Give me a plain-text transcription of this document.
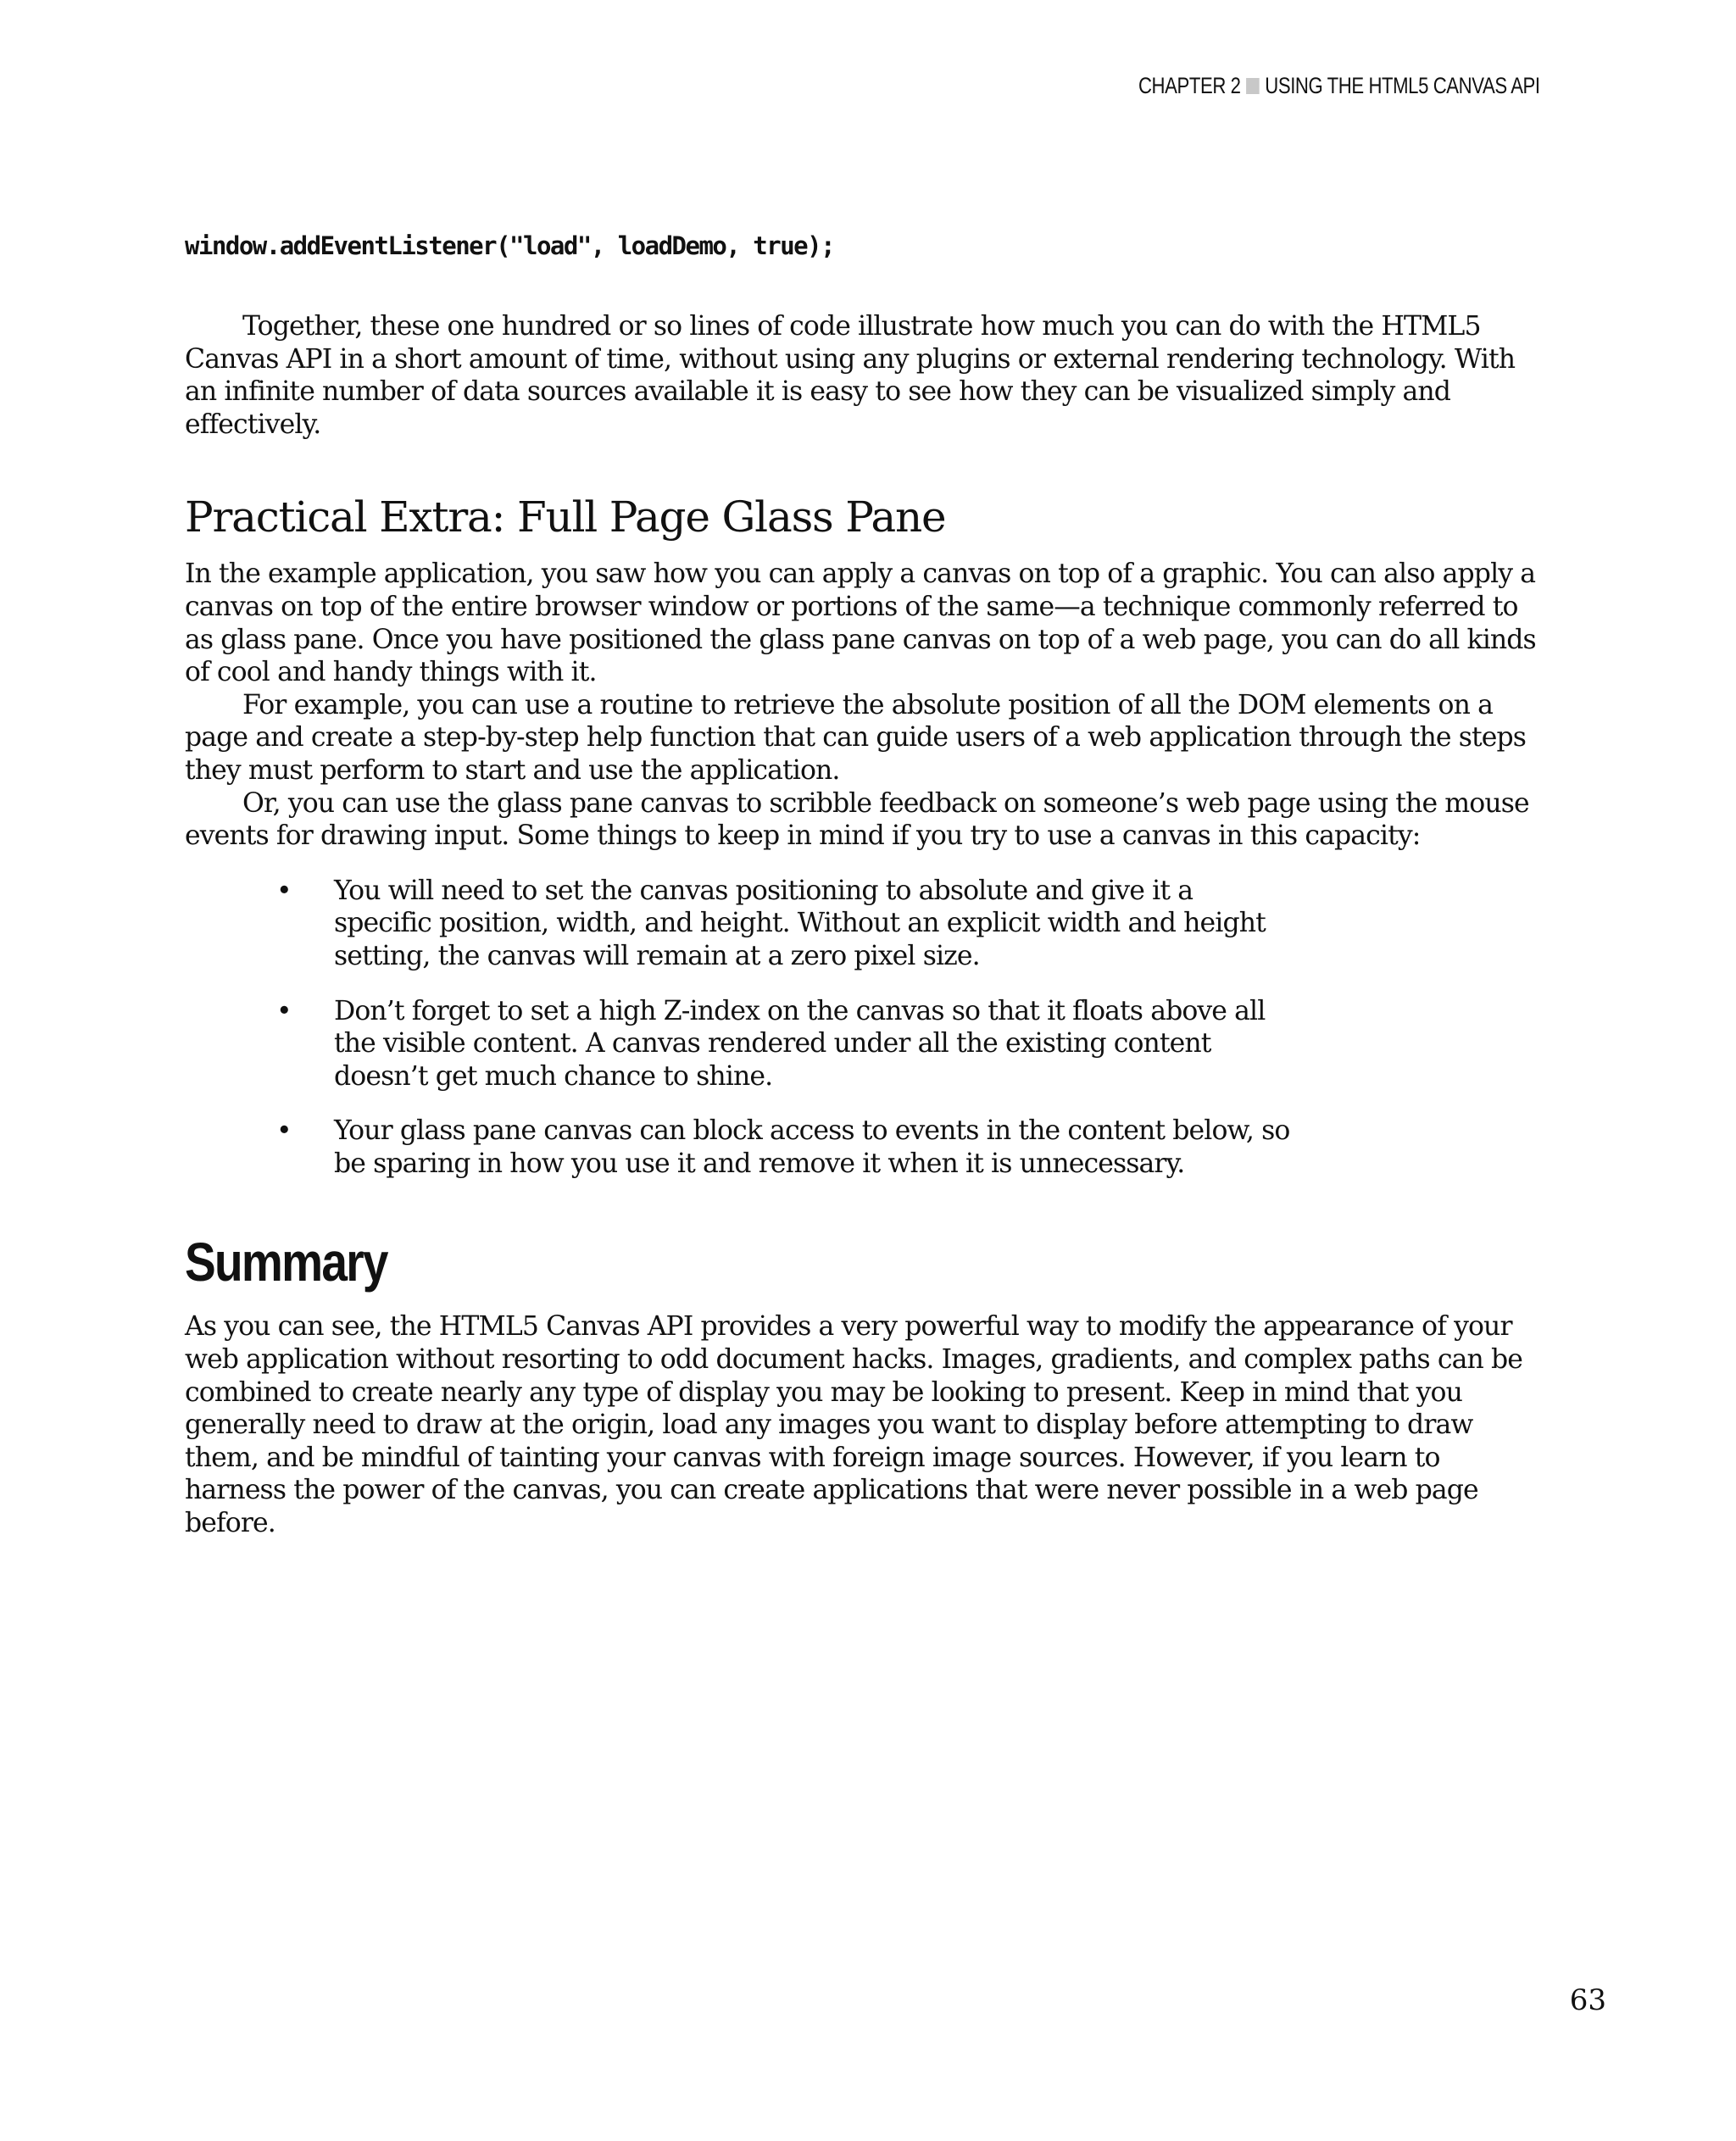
CHAPTER 2 USING THE HTML5 CANVAS API
window.addEventListener("load", loadDemo, true);

Together, these one hundred or so lines of code illustrate how much you can do with the HTML5 Canvas API in a short amount of time, without using any plugins or external rendering technology. With an infinite number of data sources available it is easy to see how they can be visualized simply and effectively.

Practical Extra: Full Page Glass Pane

In the example application, you saw how you can apply a canvas on top of a graphic. You can also apply a canvas on top of the entire browser window or portions of the same—a technique commonly referred to as glass pane. Once you have positioned the glass pane canvas on top of a web page, you can do all kinds of cool and handy things with it.

For example, you can use a routine to retrieve the absolute position of all the DOM elements on a page and create a step-by-step help function that can guide users of a web application through the steps they must perform to start and use the application.

Or, you can use the glass pane canvas to scribble feedback on someone’s web page using the mouse events for drawing input. Some things to keep in mind if you try to use a canvas in this capacity:

• You will need to set the canvas positioning to absolute and give it a specific position, width, and height. Without an explicit width and height setting, the canvas will remain at a zero pixel size.
• Don’t forget to set a high Z-index on the canvas so that it floats above all the visible content. A canvas rendered under all the existing content doesn’t get much chance to shine.
• Your glass pane canvas can block access to events in the content below, so be sparing in how you use it and remove it when it is unnecessary.
Summary

As you can see, the HTML5 Canvas API provides a very powerful way to modify the appearance of your web application without resorting to odd document hacks. Images, gradients, and complex paths can be combined to create nearly any type of display you may be looking to present. Keep in mind that you generally need to draw at the origin, load any images you want to display before attempting to draw them, and be mindful of tainting your canvas with foreign image sources. However, if you learn to harness the power of the canvas, you can create applications that were never possible in a web page before.

63
